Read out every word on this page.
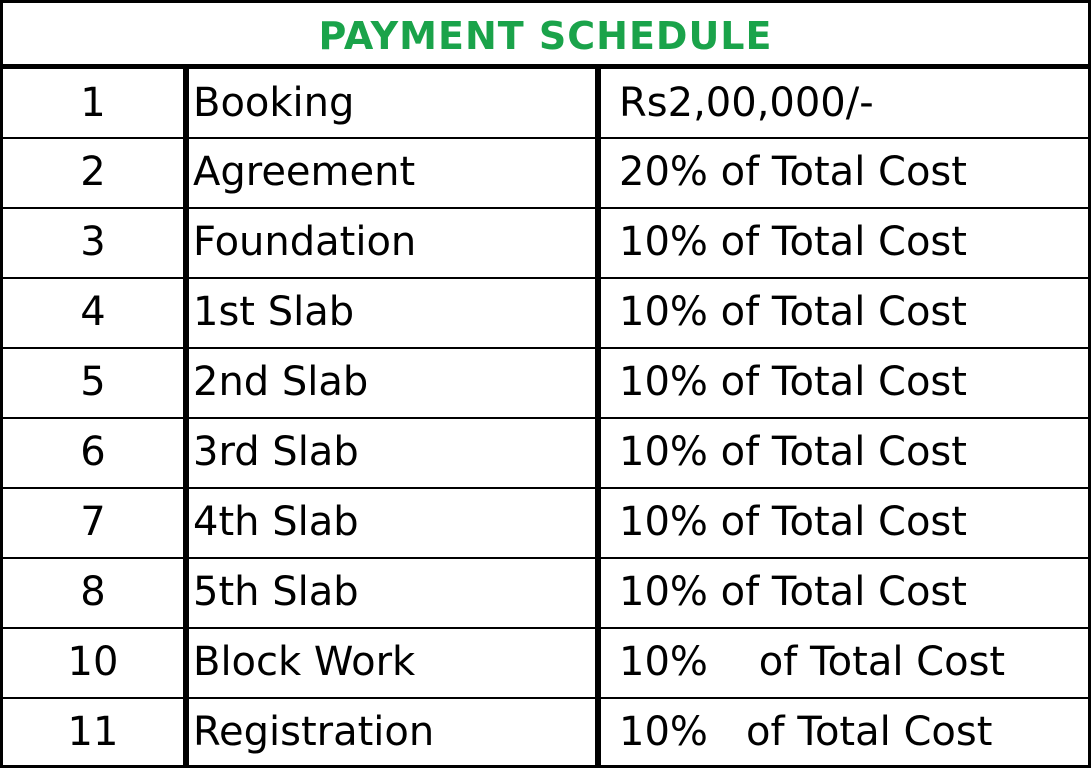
PAYMENT SCHEDULE
1	Booking	Rs2,00,000/-
2	Agreement	20% of Total Cost
3	Foundation	10% of Total Cost
4	1st Slab	10% of Total Cost
5	2nd Slab	10% of Total Cost
6	3rd Slab	10% of Total Cost
7	4th Slab	10% of Total Cost
8	5th Slab	10% of Total Cost
10	Block Work	10%    of Total Cost
11	Registration	10%   of Total Cost
